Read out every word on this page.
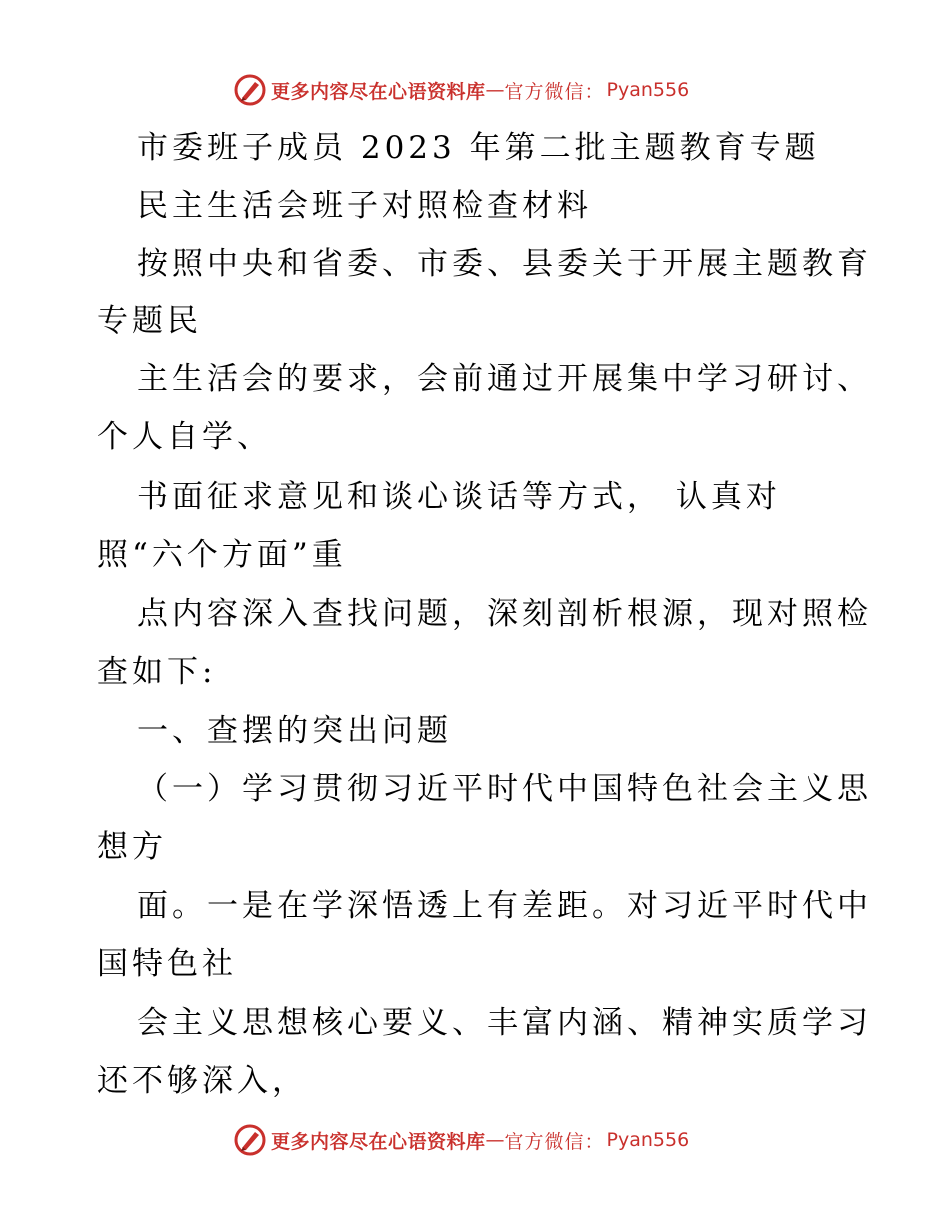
更多内容尽在心语资料库 — 官方微信： Pyan556
市委班子成员 2023 年第二批主题教育专题
民主生活会班子对照检查材料
按照中央和省委、市委、县委关于开展主题教育
专题民
主生活会的要求，会前通过开展集中学习研讨、
个人自学、
书面征求意见和谈心谈话等方式， 认真对
照“六个方面”重
点内容深入查找问题，深刻剖析根源，现对照检
查如下:
一、查摆的突出问题
（一）学习贯彻习近平时代中国特色社会主义思
想方
面。一是在学深悟透上有差距。对习近平时代中
国特色社
会主义思想核心要义、丰富内涵、精神实质学习
还不够深入，
更多内容尽在心语资料库 — 官方微信： Pyan556
